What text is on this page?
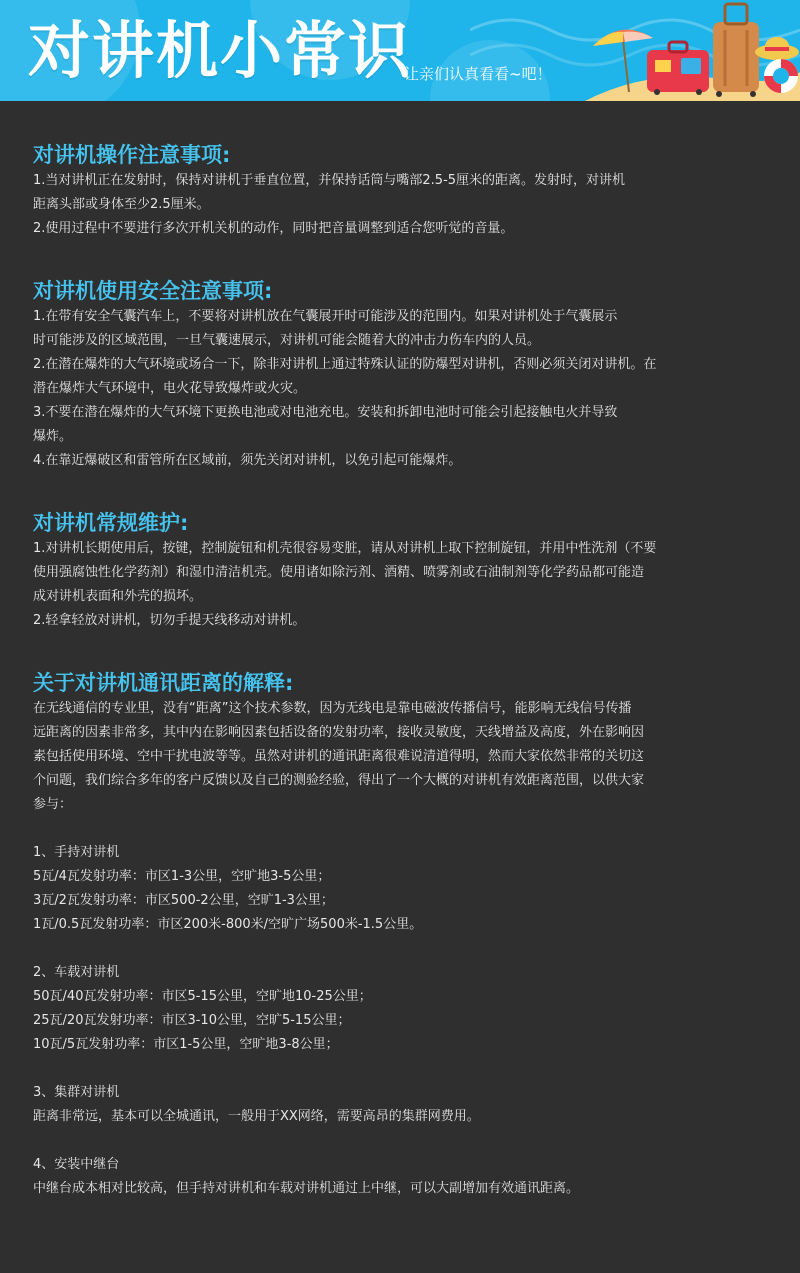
对讲机小常识
让亲们认真看看~吧！
对讲机操作注意事项:

1.当对讲机正在发射时，保持对讲机于垂直位置，并保持话筒与嘴部2.5-5厘米的距离。发射时，对讲机

距离头部或身体至少2.5厘米。

2.使用过程中不要进行多次开机关机的动作，同时把音量调整到适合您听觉的音量。

对讲机使用安全注意事项:

1.在带有安全气囊汽车上，不要将对讲机放在气囊展开时可能涉及的范围内。如果对讲机处于气囊展示

时可能涉及的区域范围，一旦气囊速展示，对讲机可能会随着大的冲击力伤车内的人员。

2.在潜在爆炸的大气环境或场合一下，除非对讲机上通过特殊认证的防爆型对讲机，否则必须关闭对讲机。在

潜在爆炸大气环境中，电火花导致爆炸或火灾。

3.不要在潜在爆炸的大气环境下更换电池或对电池充电。安装和拆卸电池时可能会引起接触电火并导致

爆炸。

4.在靠近爆破区和雷管所在区域前，须先关闭对讲机，以免引起可能爆炸。

对讲机常规维护:

1.对讲机长期使用后，按键，控制旋钮和机壳很容易变脏，请从对讲机上取下控制旋钮，并用中性洗剂（不要

使用强腐蚀性化学药剂）和湿巾清洁机壳。使用诸如除污剂、酒精、喷雾剂或石油制剂等化学药品都可能造

成对讲机表面和外壳的损坏。

2.轻拿轻放对讲机，切勿手提天线移动对讲机。

关于对讲机通讯距离的解释:

在无线通信的专业里，没有“距离”这个技术参数，因为无线电是靠电磁波传播信号，能影响无线信号传播

远距离的因素非常多，其中内在影响因素包括设备的发射功率，接收灵敏度，天线增益及高度，外在影响因

素包括使用环境、空中干扰电波等等。虽然对讲机的通讯距离很难说清道得明，然而大家依然非常的关切这

个问题，我们综合多年的客户反馈以及自己的测验经验，得出了一个大概的对讲机有效距离范围，以供大家

参与：

1、手持对讲机

5瓦/4瓦发射功率：市区1-3公里，空旷地3-5公里；

3瓦/2瓦发射功率：市区500-2公里，空旷1-3公里；

1瓦/0.5瓦发射功率：市区200米-800米/空旷广场500米-1.5公里。

2、车载对讲机

50瓦/40瓦发射功率：市区5-15公里，空旷地10-25公里；

25瓦/20瓦发射功率：市区3-10公里，空旷5-15公里；

10瓦/5瓦发射功率：市区1-5公里，空旷地3-8公里；

3、集群对讲机

距离非常远，基本可以全城通讯，一般用于XX网络，需要高昂的集群网费用。

4、安装中继台

中继台成本相对比较高，但手持对讲机和车载对讲机通过上中继，可以大副增加有效通讯距离。
